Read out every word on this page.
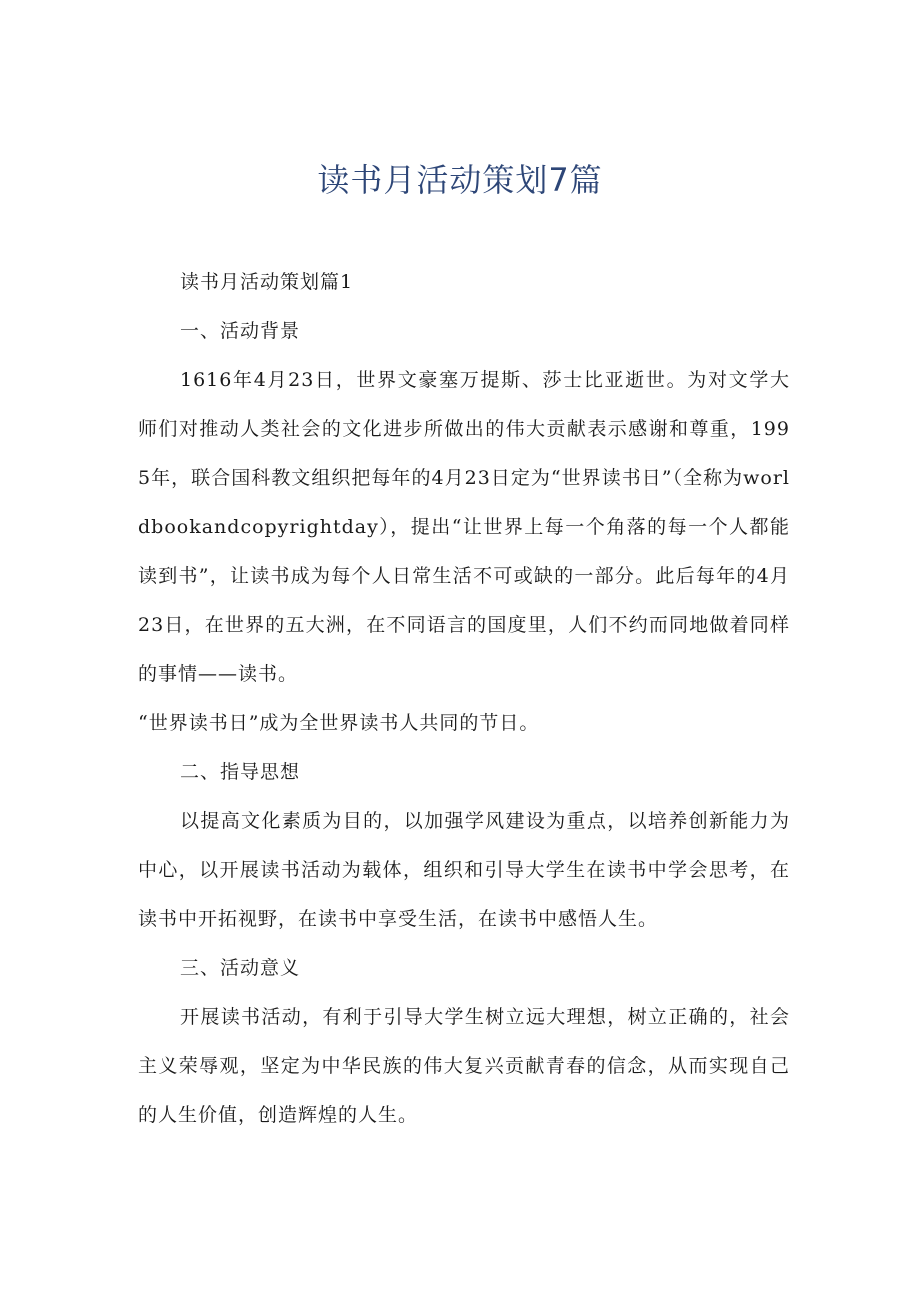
读书月活动策划7篇

读书月活动策划篇1

一、活动背景

1616年4月23日，世界文豪塞万提斯、莎士比亚逝世。为对文学大师们对推动人类社会的文化进步所做出的伟大贡献表示感谢和尊重，1995年，联合国科教文组织把每年的4月23日定为“世界读书日”（全称为worldbookandcopyrightday），提出“让世界上每一个角落的每一个人都能读到书”，让读书成为每个人日常生活不可或缺的一部分。此后每年的4月23日，在世界的五大洲，在不同语言的国度里，人们不约而同地做着同样的事情——读书。

“世界读书日”成为全世界读书人共同的节日。

二、指导思想

以提高文化素质为目的，以加强学风建设为重点，以培养创新能力为中心，以开展读书活动为载体，组织和引导大学生在读书中学会思考，在读书中开拓视野，在读书中享受生活，在读书中感悟人生。

三、活动意义

开展读书活动，有利于引导大学生树立远大理想，树立正确的，社会主义荣辱观，坚定为中华民族的伟大复兴贡献青春的信念，从而实现自己的人生价值，创造辉煌的人生。
